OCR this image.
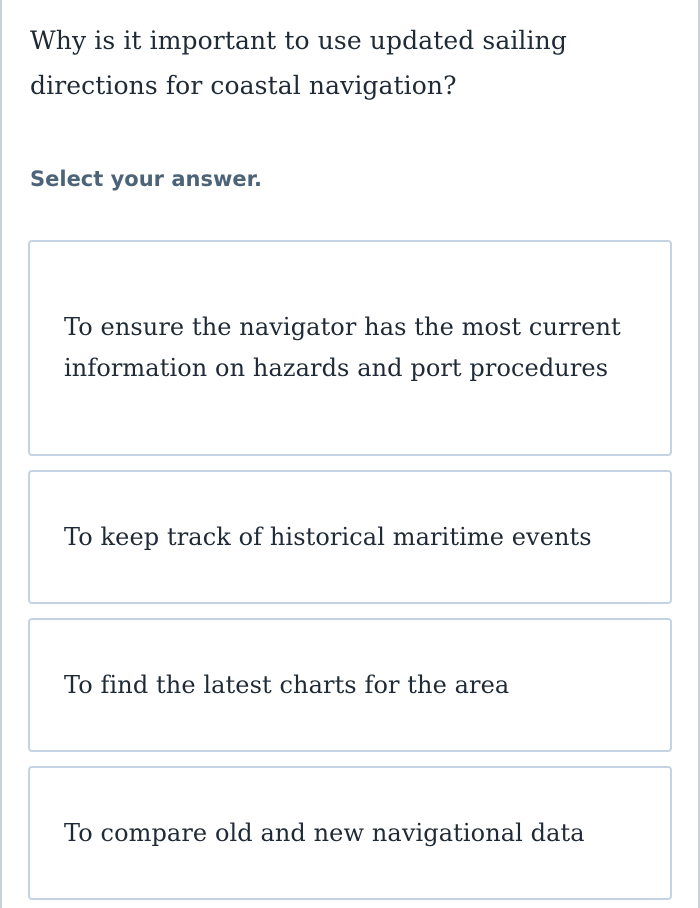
Why is it important to use updated sailing directions for coastal navigation?
Select your answer.
To ensure the navigator has the most current information on hazards and port procedures
To keep track of historical maritime events
To find the latest charts for the area
To compare old and new navigational data
